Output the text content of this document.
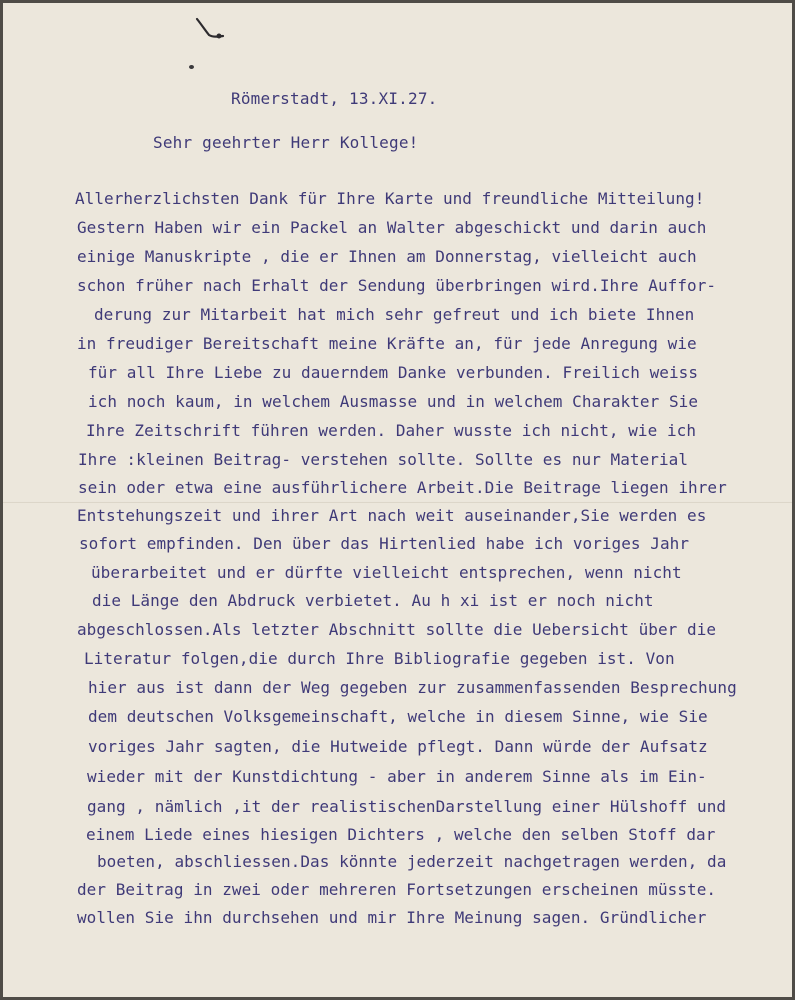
Römerstadt, 13.XI.27.
Sehr geehrter Herr Kollege!
Allerherzlichsten Dank für Ihre Karte und freundliche Mitteilung!
Gestern Haben wir ein Packel an Walter abgeschickt und darin auch
einige Manuskripte , die er Ihnen am Donnerstag, vielleicht auch
schon früher nach Erhalt der Sendung überbringen wird.Ihre Auffor-
derung zur Mitarbeit hat mich sehr gefreut und ich biete Ihnen
in freudiger Bereitschaft meine Kräfte an, für jede Anregung wie
für all Ihre Liebe zu dauerndem Danke verbunden. Freilich weiss
ich noch kaum, in welchem Ausmasse und in welchem Charakter Sie
Ihre Zeitschrift führen werden. Daher wusste ich nicht, wie ich
Ihre :kleinen Beitrag- verstehen sollte. Sollte es nur Material
sein oder etwa eine ausführlichere Arbeit.Die Beitrage liegen ihrer
Entstehungszeit und ihrer Art nach weit auseinander,Sie werden es
sofort empfinden. Den über das Hirtenlied habe ich voriges Jahr
überarbeitet und er dürfte vielleicht entsprechen, wenn nicht
die Länge den Abdruck verbietet. Au h xi ist er noch nicht
abgeschlossen.Als letzter Abschnitt sollte die Uebersicht über die
Literatur folgen,die durch Ihre Bibliografie gegeben ist. Von
hier aus ist dann der Weg gegeben zur zusammenfassenden Besprechung
dem deutschen Volksgemeinschaft, welche in diesem Sinne, wie Sie
voriges Jahr sagten, die Hutweide pflegt. Dann würde der Aufsatz
wieder mit der Kunstdichtung - aber in anderem Sinne als im Ein-
gang , nämlich ,it der realistischenDarstellung einer Hülshoff und
einem Liede eines hiesigen Dichters , welche den selben Stoff dar
boeten, abschliessen.Das könnte jederzeit nachgetragen werden, da
der Beitrag in zwei oder mehreren Fortsetzungen erscheinen müsste.
wollen Sie ihn durchsehen und mir Ihre Meinung sagen. Gründlicher
